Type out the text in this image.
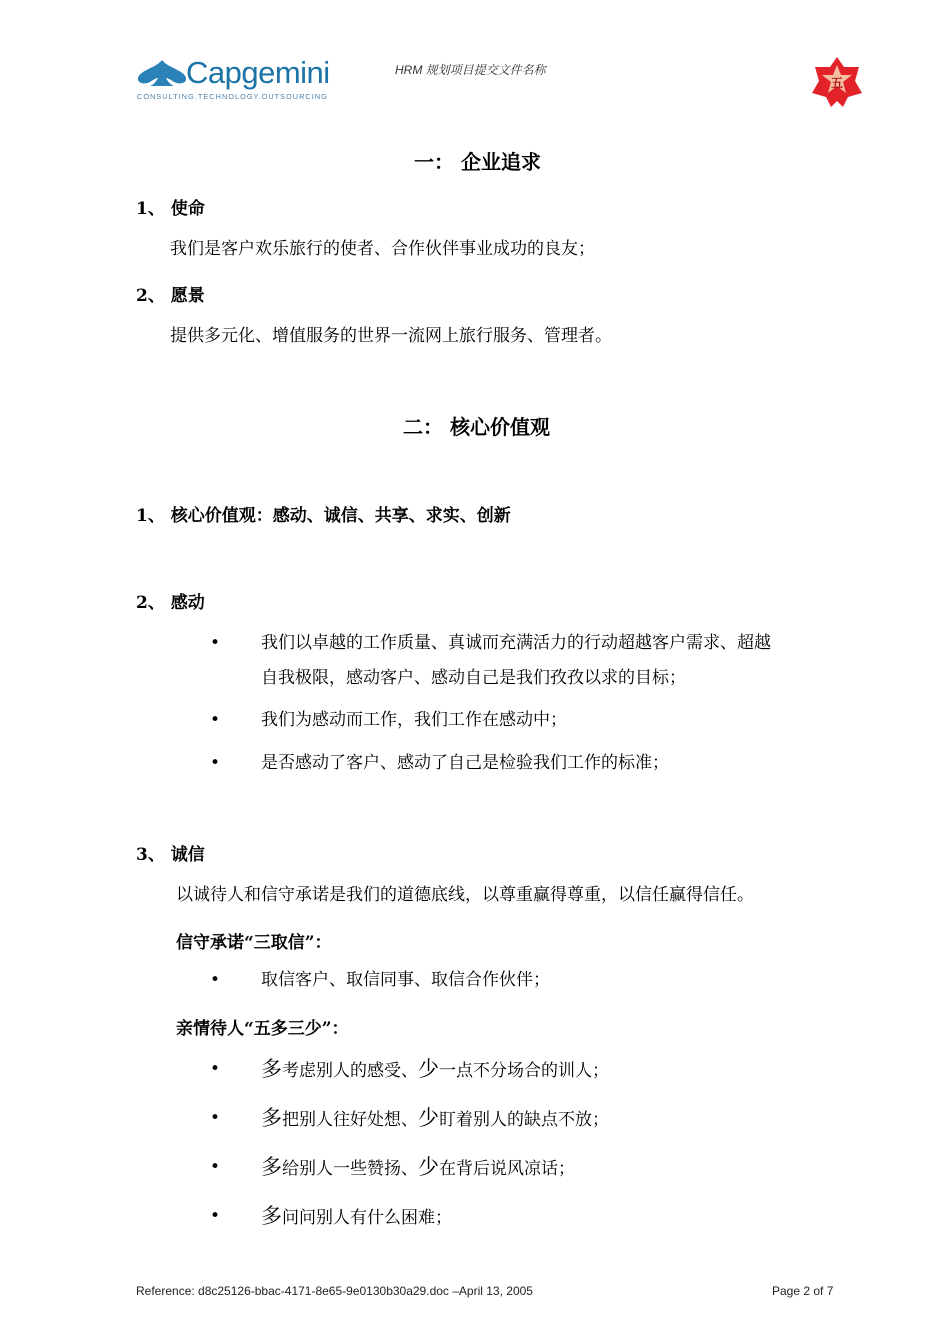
Capgemini
CONSULTING.TECHNOLOGY.OUTSOURCING
HRM 规划项目提交文件名称
五
一： 企业追求
1、 使命
我们是客户欢乐旅行的使者、合作伙伴事业成功的良友；
2、 愿景
提供多元化、增值服务的世界一流网上旅行服务、管理者。
二： 核心价值观
1、 核心价值观：感动、诚信、共享、求实、创新
2、 感动
• 我们以卓越的工作质量、真诚而充满活力的行动超越客户需求、超越
自我极限，感动客户、感动自己是我们孜孜以求的目标；
• 我们为感动而工作，我们工作在感动中；
• 是否感动了客户、感动了自己是检验我们工作的标准；
3、 诚信
以诚待人和信守承诺是我们的道德底线，以尊重赢得尊重，以信任赢得信任。
信守承诺“三取信”：
• 取信客户、取信同事、取信合作伙伴；
亲情待人“五多三少”：
• 多考虑别人的感受、少一点不分场合的训人；
• 多把别人往好处想、少盯着别人的缺点不放；
• 多给别人一些赞扬、少在背后说风凉话；
• 多问问别人有什么困难；
Reference: d8c25126-bbac-4171-8e65-9e0130b30a29.doc –April 13, 2005	Page 2 of 7
